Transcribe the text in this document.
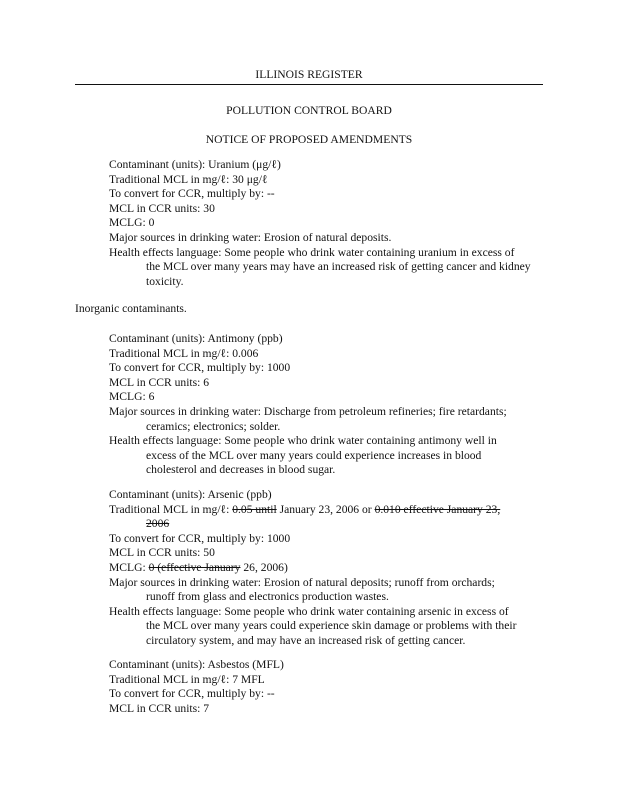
ILLINOIS REGISTER
POLLUTION CONTROL BOARD
NOTICE OF PROPOSED AMENDMENTS
Contaminant (units): Uranium (μg/ℓ)
Traditional MCL in mg/ℓ: 30 μg/ℓ
To convert for CCR, multiply by: --
MCL in CCR units: 30
MCLG: 0
Major sources in drinking water: Erosion of natural deposits.
Health effects language: Some people who drink water containing uranium in excess of
the MCL over many years may have an increased risk of getting cancer and kidney
toxicity.
Inorganic contaminants.
Contaminant (units): Antimony (ppb)
Traditional MCL in mg/ℓ: 0.006
To convert for CCR, multiply by: 1000
MCL in CCR units: 6
MCLG: 6
Major sources in drinking water: Discharge from petroleum refineries; fire retardants;
ceramics; electronics; solder.
Health effects language: Some people who drink water containing antimony well in
excess of the MCL over many years could experience increases in blood
cholesterol and decreases in blood sugar.
Contaminant (units): Arsenic (ppb)
Traditional MCL in mg/ℓ: 0.05 until January 23, 2006 or 0.010 effective January 23,
2006
To convert for CCR, multiply by: 1000
MCL in CCR units: 50
MCLG: 0 (effective January 26, 2006)
Major sources in drinking water: Erosion of natural deposits; runoff from orchards;
runoff from glass and electronics production wastes.
Health effects language: Some people who drink water containing arsenic in excess of
the MCL over many years could experience skin damage or problems with their
circulatory system, and may have an increased risk of getting cancer.
Contaminant (units): Asbestos (MFL)
Traditional MCL in mg/ℓ: 7 MFL
To convert for CCR, multiply by: --
MCL in CCR units: 7
